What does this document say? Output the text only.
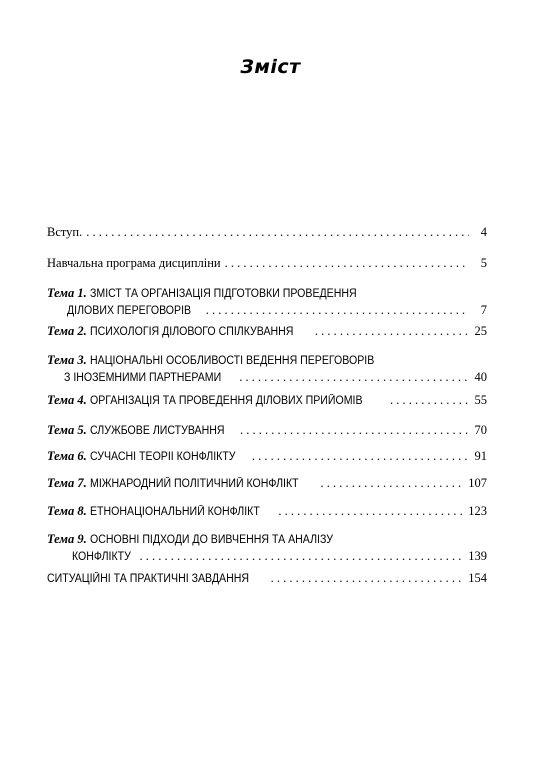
Зміст
Вступ. . . .	4
Навчальна програма дисципліни . . .	5
Тема 1. ЗМІСТ ТА ОРГАНІЗАЦІЯ ПІДГОТОВКИ ПРОВЕДЕННЯ
ДІЛОВИХ ПЕРЕГОВОРІВ . . .	7
Тема 2. ПСИХОЛОГІЯ ДІЛОВОГО СПІЛКУВАННЯ . . .	25
Тема 3. НАЦІОНАЛЬНІ ОСОБЛИВОСТІ ВЕДЕННЯ ПЕРЕГОВОРІВ
З ІНОЗЕМНИМИ ПАРТНЕРАМИ . . .	40
Тема 4. ОРГАНІЗАЦІЯ ТА ПРОВЕДЕННЯ ДІЛОВИХ ПРИЙОМІВ . . .	55
Тема 5. СЛУЖБОВЕ ЛИСТУВАННЯ . . .	70
Тема 6. СУЧАСНІ ТЕОРІЇ КОНФЛІКТУ . . .	91
Тема 7. МІЖНАРОДНИЙ ПОЛІТИЧНИЙ КОНФЛІКТ . . .	107
Тема 8. ЕТНОНАЦІОНАЛЬНИЙ КОНФЛІКТ . . .	123
Тема 9. ОСНОВНІ ПІДХОДИ ДО ВИВЧЕННЯ ТА АНАЛІЗУ
КОНФЛІКТУ . . .	139
СИТУАЦІЙНІ ТА ПРАКТИЧНІ ЗАВДАННЯ . . .	154
